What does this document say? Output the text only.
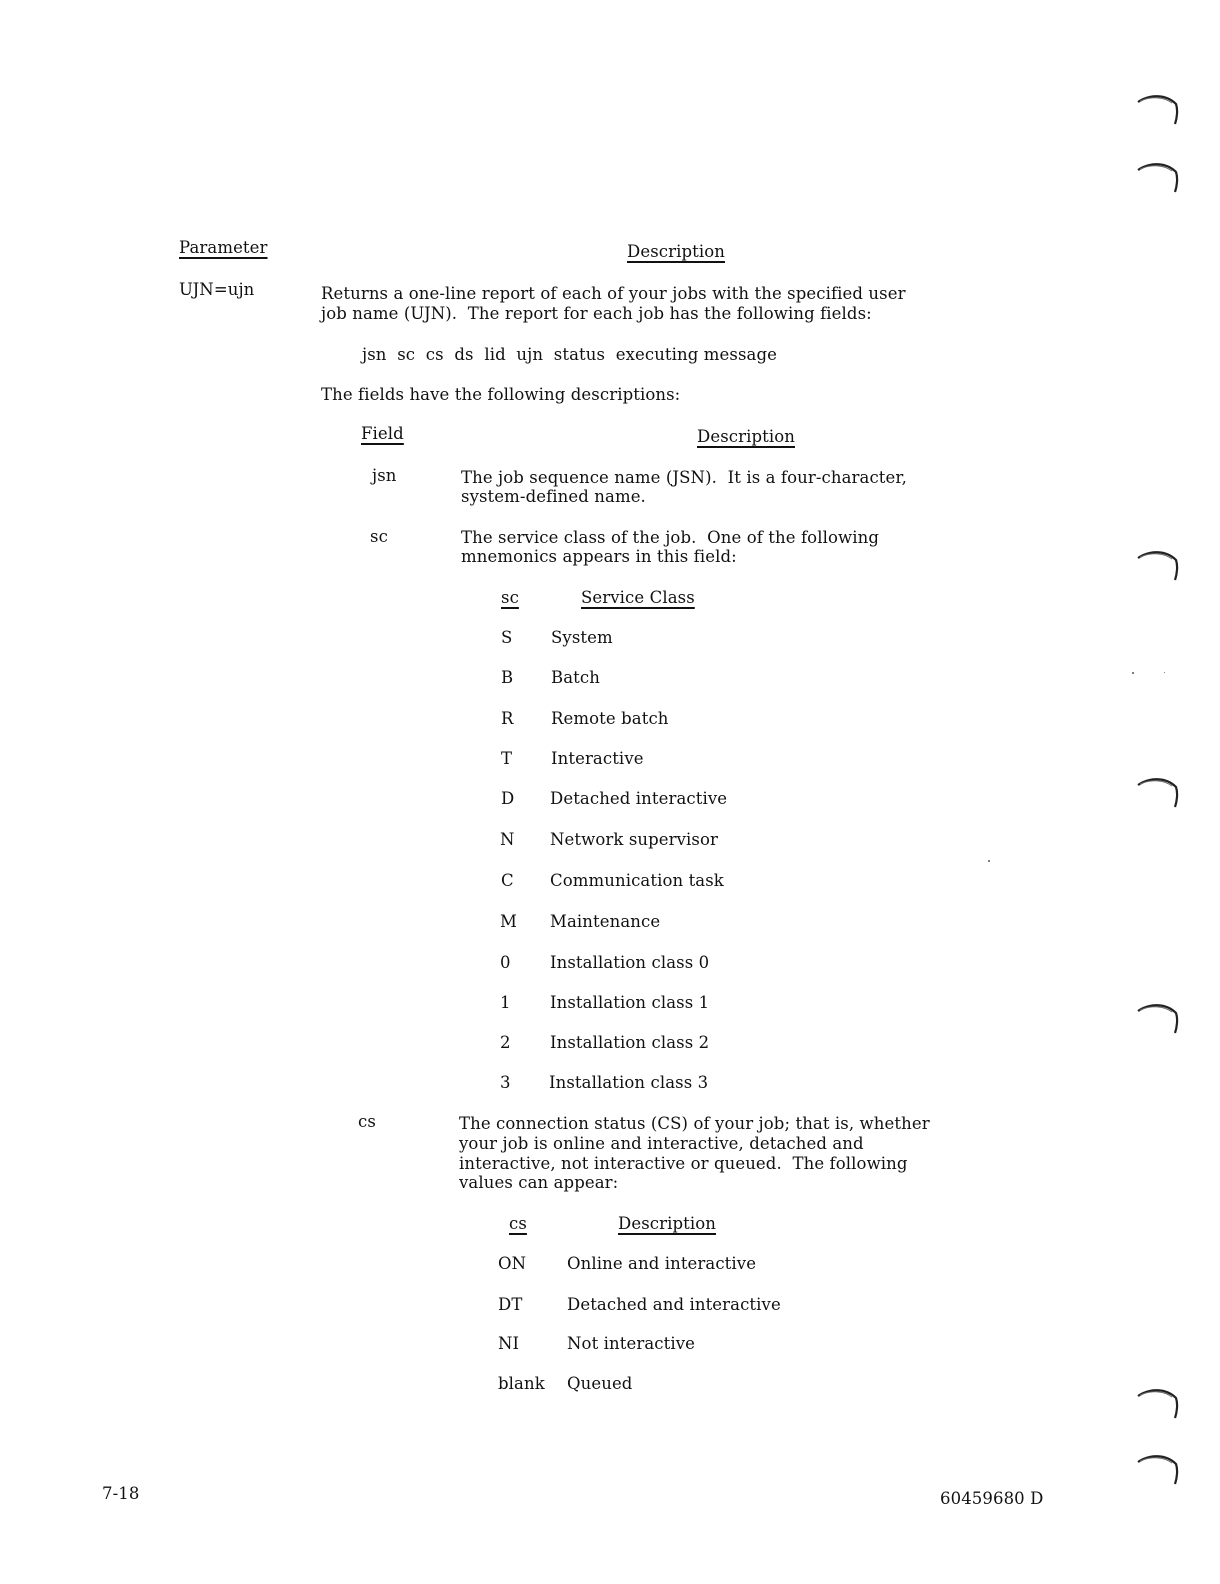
Parameter	Description
UJN=ujn	Returns a one-line report of each of your jobs with the specified user
job name (UJN).  The report for each job has the following fields:
jsn  sc  cs  ds  lid  ujn  status  executing message
The fields have the following descriptions:
Field	Description
jsn	The job sequence name (JSN).  It is a four-character,
system-defined name.
sc	The service class of the job.  One of the following
mnemonics appears in this field:
sc	Service Class
S System
B Batch
R Remote batch
T Interactive
D Detached interactive
N Network supervisor
C Communication task
M Maintenance
0 Installation class 0
1 Installation class 1
2 Installation class 2
3 Installation class 3
cs	The connection status (CS) of your job; that is, whether
your job is online and interactive, detached and
interactive, not interactive or queued.  The following
values can appear:
cs	Description
ON Online and interactive
DT	Detached and interactive
NI	Not interactive
blank Queued
7-18	60459680 D
